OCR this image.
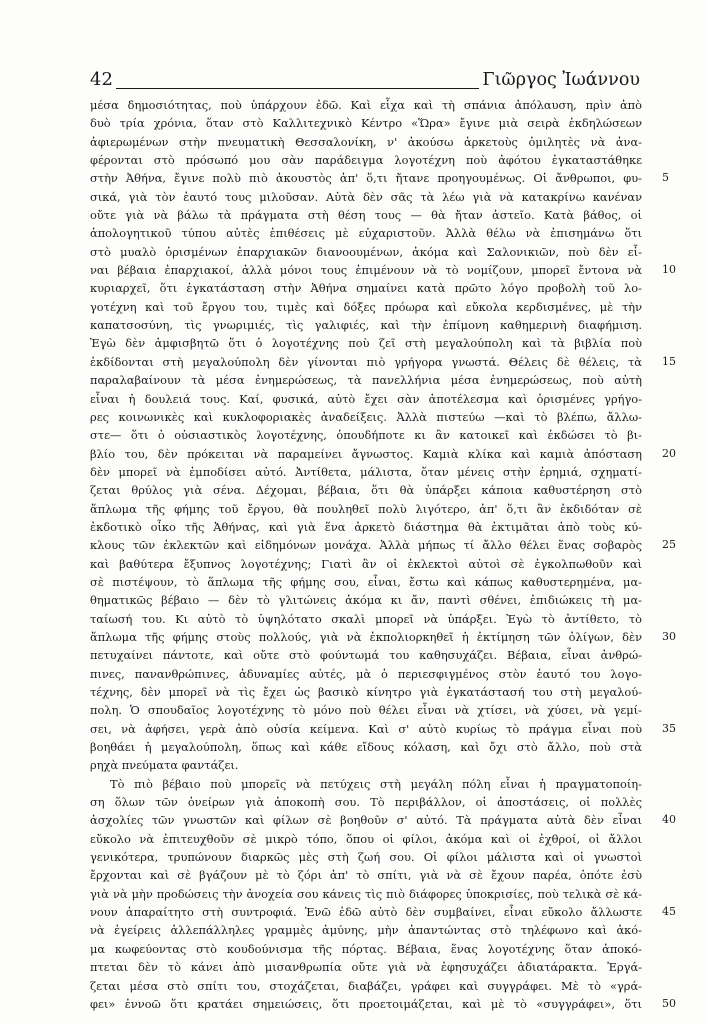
42	Γιῶργος Ἰωάννου
μέσα δημοσιότητας, ποὺ ὑπάρχουν ἐδῶ. Καὶ εἶχα καὶ τὴ σπάνια ἀπόλαυση, πρὶν ἀπὸ
δυὸ τρία χρόνια, ὅταν στὸ Καλλιτεχνικὸ Κέντρο «Ὥρα» ἔγινε μιὰ σειρὰ ἐκδηλώσεων
ἀφιερωμένων στὴν πνευματικὴ Θεσσαλονίκη, ν' ἀκούσω ἀρκετοὺς ὁμιλητὲς νὰ ἀνα-
φέρονται στὸ πρόσωπό μου σὰν παράδειγμα λογοτέχνη ποὺ ἀφότου ἐγκαταστάθηκε
στὴν Ἀθήνα, ἔγινε πολὺ πιὸ ἀκουστὸς ἀπ' ὅ,τι ἤτανε προηγουμένως. Οἱ ἄνθρωποι, φυ- 5
σικά, γιὰ τὸν ἑαυτό τους μιλοῦσαν. Αὐτὰ δὲν σᾶς τὰ λέω γιὰ νὰ κατακρίνω κανέναν
οὔτε γιὰ νὰ βάλω τὰ πράγματα στὴ θέση τους — θὰ ἤταν ἀστεῖο. Κατὰ βάθος, οἱ
ἀπολογητικοῦ τύπου αὐτὲς ἐπιθέσεις μὲ εὐχαριστοῦν. Ἀλλὰ θέλω νὰ ἐπισημάνω ὅτι
στὸ μυαλὸ ὁρισμένων ἐπαρχιακῶν διανοουμένων, ἀκόμα καὶ Σαλονικιῶν, ποὺ δὲν εἶ-
ναι βέβαια ἐπαρχιακοί, ἀλλὰ μόνοι τους ἐπιμένουν νὰ τὸ νομίζουν, μπορεῖ ἔντονα νὰ 10
κυριαρχεῖ, ὅτι ἐγκατάσταση στὴν Ἀθήνα σημαίνει κατὰ πρῶτο λόγο προβολὴ τοῦ λο-
γοτέχνη καὶ τοῦ ἔργου του, τιμὲς καὶ δόξες πρόωρα καὶ εὔκολα κερδισμένες, μὲ τὴν
καπατσοσύνη, τὶς γνωριμιές, τὶς γαλιφιές, καὶ τὴν ἐπίμονη καθημερινὴ διαφήμιση.
Ἐγὼ δὲν ἀμφισβητῶ ὅτι ὁ λογοτέχνης ποὺ ζεῖ στὴ μεγαλούπολη καὶ τὰ βιβλία ποὺ
ἐκδίδονται στὴ μεγαλούπολη δὲν γίνονται πιὸ γρήγορα γνωστά. Θέλεις δὲ θέλεις, τὰ 15
παραλαβαίνουν τὰ μέσα ἐνημερώσεως, τὰ πανελλήνια μέσα ἐνημερώσεως, ποὺ αὐτὴ
εἶναι ἡ δουλειά τους. Καί, φυσικά, αὐτὸ ἔχει σὰν ἀποτέλεσμα καὶ ὁρισμένες γρήγο-
ρες κοινωνικὲς καὶ κυκλοφοριακὲς ἀναδείξεις. Ἀλλὰ πιστεύω —καὶ τὸ βλέπω, ἄλλω-
στε— ὅτι ὁ οὐσιαστικὸς λογοτέχνης, ὁπουδήποτε κι ἂν κατοικεῖ καὶ ἐκδώσει τὸ βι-
βλίο του, δὲν πρόκειται νὰ παραμείνει ἄγνωστος. Καμιὰ κλίκα καὶ καμιὰ ἀπόσταση 20
δὲν μπορεῖ νὰ ἐμποδίσει αὐτό. Ἀντίθετα, μάλιστα, ὅταν μένεις στὴν ἐρημιά, σχηματί-
ζεται θρύλος γιὰ σένα. Δέχομαι, βέβαια, ὅτι θὰ ὑπάρξει κάποια καθυστέρηση στὸ
ἅπλωμα τῆς φήμης τοῦ ἔργου, θὰ πουληθεῖ πολὺ λιγότερο, ἀπ' ὅ,τι ἂν ἐκδιδόταν σὲ
ἐκδοτικὸ οἶκο τῆς Ἀθήνας, καὶ γιὰ ἕνα ἀρκετὸ διάστημα θὰ ἐκτιμᾶται ἀπὸ τοὺς κύ-
κλους τῶν ἐκλεκτῶν καὶ εἰδημόνων μονάχα. Ἀλλὰ μήπως τί ἄλλο θέλει ἕνας σοβαρὸς 25
καὶ βαθύτερα ἔξυπνος λογοτέχνης; Γιατὶ ἂν οἱ ἐκλεκτοὶ αὐτοὶ σὲ ἐγκολπωθοῦν καὶ
σὲ πιστέψουν, τὸ ἅπλωμα τῆς φήμης σου, εἶναι, ἔστω καὶ κάπως καθυστερημένα, μα-
θηματικῶς βέβαιο — δὲν τὸ γλιτώνεις ἀκόμα κι ἄν, παντὶ σθένει, ἐπιδιώκεις τὴ μα-
ταίωσή του. Κι αὐτὸ τὸ ὑψηλότατο σκαλὶ μπορεῖ νὰ ὑπάρξει. Ἐγὼ τὸ ἀντίθετο, τὸ
ἅπλωμα τῆς φήμης στοὺς πολλούς, γιὰ νὰ ἐκπολιορκηθεῖ ἡ ἐκτίμηση τῶν ὀλίγων, δὲν 30
πετυχαίνει πάντοτε, καὶ οὔτε στὸ φούντωμά του καθησυχάζει. Βέβαια, εἶναι ἀνθρώ-
πινες, πανανθρώπινες, ἀδυναμίες αὐτές, μὰ ὁ περιεσφιγμένος στὸν ἑαυτό του λογο-
τέχνης, δὲν μπορεῖ νὰ τὶς ἔχει ὡς βασικὸ κίνητρο γιὰ ἐγκατάστασή του στὴ μεγαλού-
πολη. Ὁ σπουδαῖος λογοτέχνης τὸ μόνο ποὺ θέλει εἶναι νὰ χτίσει, νὰ χύσει, νὰ γεμί-
σει, νὰ ἀφήσει, γερὰ ἀπὸ οὐσία κείμενα. Καὶ σ' αὐτὸ κυρίως τὸ πράγμα εἶναι ποὺ 35
βοηθάει ἡ μεγαλούπολη, ὅπως καὶ κάθε εἴδους κόλαση, καὶ ὄχι στὸ ἄλλο, ποὺ στὰ
ρηχὰ πνεύματα φαντάζει.
Τὸ πιὸ βέβαιο ποὺ μπορεῖς νὰ πετύχεις στὴ μεγάλη πόλη εἶναι ἡ πραγματοποίη-
ση ὅλων τῶν ὀνείρων γιὰ ἀποκοπὴ σου. Τὸ περιβάλλον, οἱ ἀποστάσεις, οἱ πολλὲς
ἀσχολίες τῶν γνωστῶν καὶ φίλων σὲ βοηθοῦν σ' αὐτό. Τὰ πράγματα αὐτὰ δὲν εἶναι 40
εὔκολο νὰ ἐπιτευχθοῦν σὲ μικρὸ τόπο, ὅπου οἱ φίλοι, ἀκόμα καὶ οἱ ἐχθροί, οἱ ἄλλοι
γενικότερα, τρυπώνουν διαρκῶς μὲς στὴ ζωή σου. Οἱ φίλοι μάλιστα καὶ οἱ γνωστοὶ
ἔρχονται καὶ σὲ βγάζουν μὲ τὸ ζόρι ἀπ' τὸ σπίτι, γιὰ νὰ σὲ ἔχουν παρέα, ὁπότε ἐσὺ
γιὰ νὰ μὴν προδώσεις τὴν ἀνοχεία σου κάνεις τὶς πιὸ διάφορες ὑποκρισίες, ποὺ τελικὰ σὲ κά-
νουν ἀπαραίτητο στὴ συντροφιά. Ἐνῶ ἐδῶ αὐτὸ δὲν συμβαίνει, εἶναι εὔκολο ἄλλωστε 45
νὰ ἐγείρεις ἀλλεπάλληλες γραμμὲς ἀμύνης, μὴν ἀπαντώντας στὸ τηλέφωνο καὶ ἀκό-
μα κωφεύοντας στὸ κουδούνισμα τῆς πόρτας. Βέβαια, ἕνας λογοτέχνης ὅταν ἀποκό-
πτεται δὲν τὸ κάνει ἀπὸ μισανθρωπία οὔτε γιὰ νὰ ἐφησυχάζει ἀδιατάρακτα. Ἐργά-
ζεται μέσα στὸ σπίτι του, στοχάζεται, διαβάζει, γράφει καὶ συγγράφει. Μὲ τὸ «γρά-
φει» ἐννοῶ ὅτι κρατάει σημειώσεις, ὅτι προετοιμάζεται, καὶ μὲ τὸ «συγγράφει», ὅτι 50
